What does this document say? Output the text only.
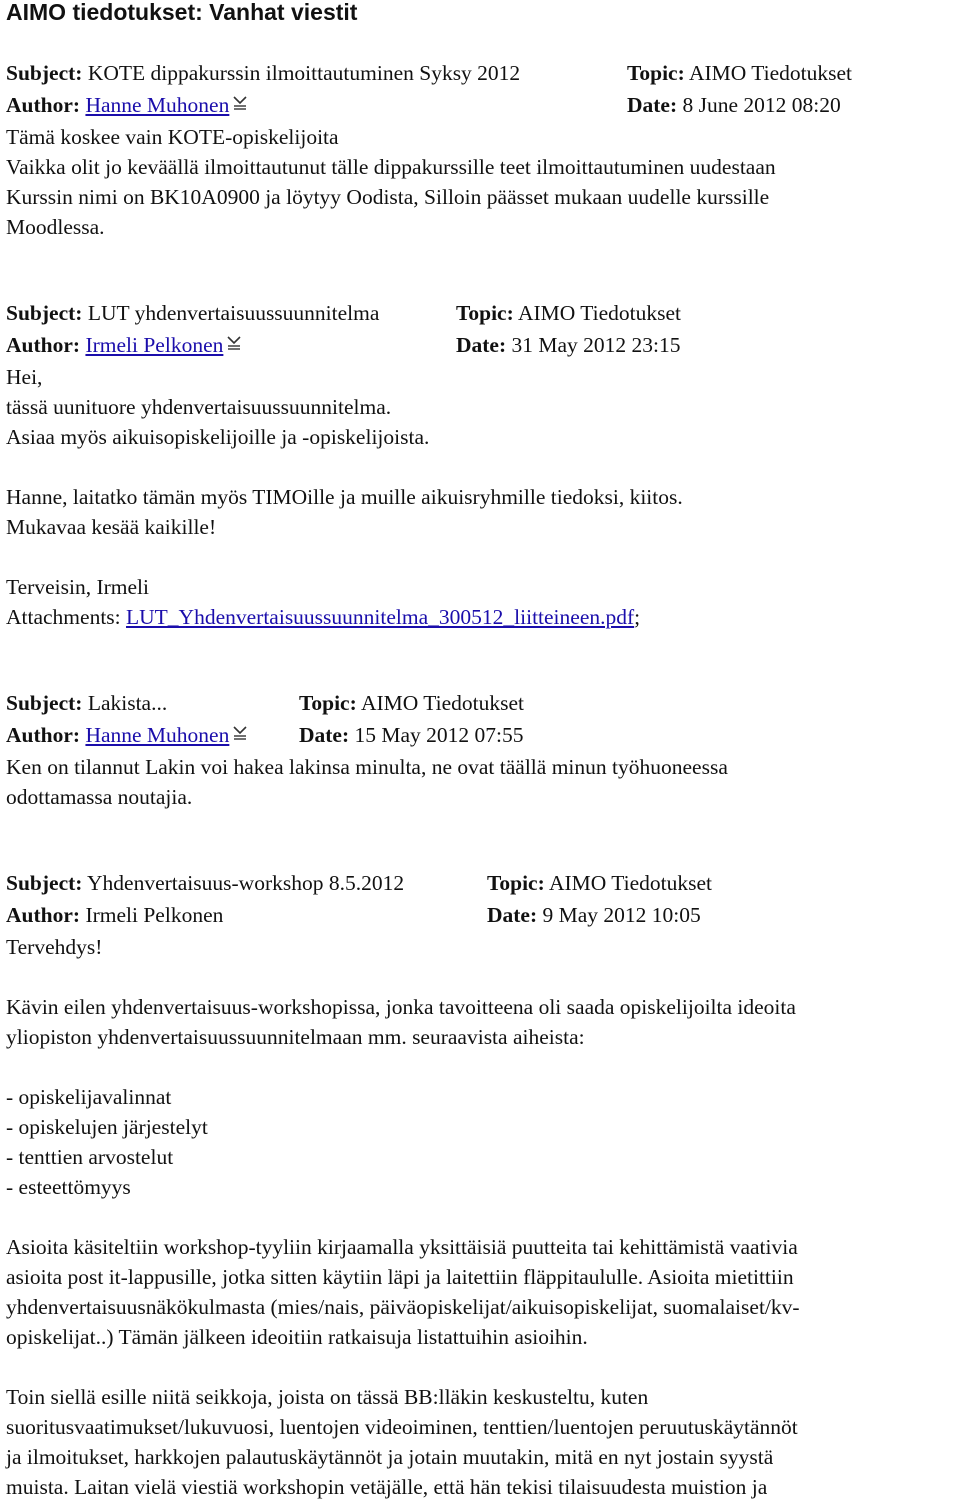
AIMO tiedotukset: Vanhat viestit
Subject: KOTE dippakurssin ilmoittautuminen Syksy 2012	Topic: AIMO Tiedotukset
Author: Hanne Muhonen	Date: 8 June 2012 08:20
Tämä koskee vain KOTE-opiskelijoita
Vaikka olit jo keväällä ilmoittautunut tälle dippakurssille teet ilmoittautuminen uudestaan
Kurssin nimi on BK10A0900 ja löytyy Oodista, Silloin päässet mukaan uudelle kurssille
Moodlessa.
Subject: LUT yhdenvertaisuussuunnitelma	Topic: AIMO Tiedotukset
Author: Irmeli Pelkonen	Date: 31 May 2012 23:15
Hei,
tässä uunituore yhdenvertaisuussuunnitelma.
Asiaa myös aikuisopiskelijoille ja -opiskelijoista.
Hanne, laitatko tämän myös TIMOille ja muille aikuisryhmille tiedoksi, kiitos.
Mukavaa kesää kaikille!
Terveisin, Irmeli
Attachments: LUT_Yhdenvertaisuussuunnitelma_300512_liitteineen.pdf;
Subject: Lakista...	Topic: AIMO Tiedotukset
Author: Hanne Muhonen	Date: 15 May 2012 07:55
Ken on tilannut Lakin voi hakea lakinsa minulta, ne ovat täällä minun työhuoneessa
odottamassa noutajia.
Subject: Yhdenvertaisuus-workshop 8.5.2012	Topic: AIMO Tiedotukset
Author: Irmeli Pelkonen	Date: 9 May 2012 10:05
Tervehdys!
Kävin eilen yhdenvertaisuus-workshopissa, jonka tavoitteena oli saada opiskelijoilta ideoita
yliopiston yhdenvertaisuussuunnitelmaan mm. seuraavista aiheista:
- opiskelijavalinnat
- opiskelujen järjestelyt
- tenttien arvostelut
- esteettömyys
Asioita käsiteltiin workshop-tyyliin kirjaamalla yksittäisiä puutteita tai kehittämistä vaativia
asioita post it-lappusille, jotka sitten käytiin läpi ja laitettiin fläppitaululle. Asioita mietittiin
yhdenvertaisuusnäkökulmasta (mies/nais, päiväopiskelijat/aikuisopiskelijat, suomalaiset/kv-
opiskelijat..) Tämän jälkeen ideoitiin ratkaisuja listattuihin asioihin.
Toin siellä esille niitä seikkoja, joista on tässä BB:lläkin keskusteltu, kuten
suoritusvaatimukset/lukuvuosi, luentojen videoiminen, tenttien/luentojen peruutuskäytännöt
ja ilmoitukset, harkkojen palautuskäytännöt ja jotain muutakin, mitä en nyt jostain syystä
muista. Laitan vielä viestiä workshopin vetäjälle, että hän tekisi tilaisuudesta muistion ja
